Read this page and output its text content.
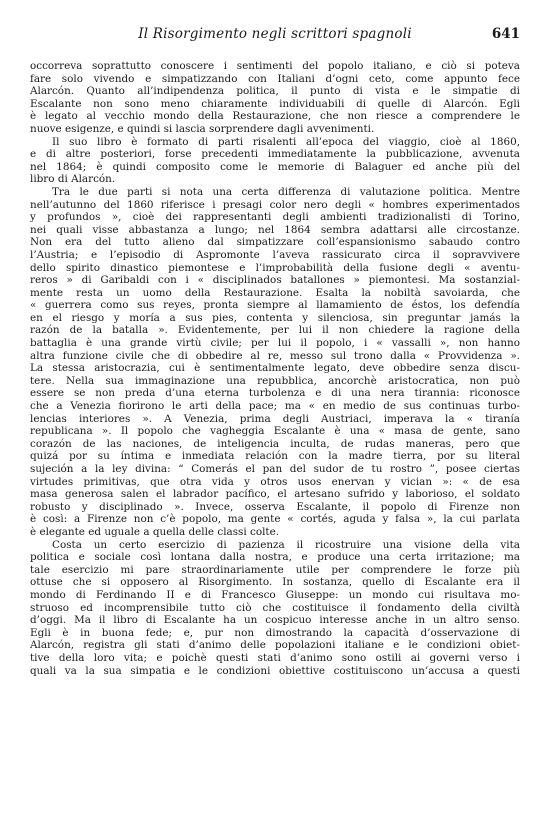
Il Risorgimento negli scrittori spagnoli	641
occorreva soprattutto conoscere i sentimenti del popolo italiano, e ciò si poteva
fare solo vivendo e simpatizzando con Italiani d’ogni ceto, come appunto fece
Alarcón. Quanto all’indipendenza politica, il punto di vista e le simpatie di
Escalante non sono meno chiaramente individuabili di quelle di Alarcón. Egli
è legato al vecchio mondo della Restaurazione, che non riesce a comprendere le
nuove esigenze, e quindi si lascia sorprendere dagli avvenimenti.
Il suo libro è formato di parti risalenti all’epoca del viaggio, cioè al 1860,
e di altre posteriori, forse precedenti immediatamente la pubblicazione, avvenuta
nel 1864; è quindi composito come le memorie di Balaguer ed anche più del
libro di Alarcón.
Tra le due parti si nota una certa differenza di valutazione politica. Mentre
nell’autunno del 1860 riferisce i presagi color nero degli « hombres experimentados
y profundos », cioè dei rappresentanti degli ambienti tradizionalisti di Torino,
nei quali visse abbastanza a lungo; nel 1864 sembra adattarsi alle circostanze.
Non era del tutto alieno dal simpatizzare coll’espansionismo sabaudo contro
l’Austria; e l’episodio di Aspromonte l’aveva rassicurato circa il sopravvivere
dello spirito dinastico piemontese e l’improbabilità della fusione degli « aventu-
reros » di Garibaldi con i « disciplinados batallones » piemontesi. Ma sostanzial-
mente resta un uomo della Restaurazione. Esalta la nobiltà savoiarda, che
« guerrera como sus reyes, pronta siempre al llamamiento de éstos, los defendía
en el riesgo y moría a sus pies, contenta y silenciosa, sin preguntar jamás la
razón de la batalla ». Evidentemente, per lui il non chiedere la ragione della
battaglia è una grande virtù civile; per lui il popolo, i « vassalli », non hanno
altra funzione civile che di obbedire al re, messo sul trono dalla « Provvidenza ».
La stessa aristocrazia, cui è sentimentalmente legato, deve obbedire senza discu-
tere. Nella sua immaginazione una repubblica, ancorchè aristocratica, non può
essere se non preda d’una eterna turbolenza e di una nera tirannia: riconosce
che a Venezia fiorirono le arti della pace; ma « en medio de sus continuas turbo-
lencias interiores ». A Venezia, prima degli Austriaci, imperava la « tiranía
republicana ». Il popolo che vagheggia Escalante è una « masa de gente, sano
corazón de las naciones, de inteligencia inculta, de rudas maneras, pero que
quizá por su íntima e inmediata relación con la madre tierra, por su literal
sujeción a la ley divina: “ Comerás el pan del sudor de tu rostro ”, posee ciertas
virtudes primitivas, que otra vida y otros usos enervan y vician »: « de esa
masa generosa salen el labrador pacífico, el artesano sufrido y laborioso, el soldato
robusto y disciplinado ». Invece, osserva Escalante, il popolo di Firenze non
è così: a Firenze non c’è popolo, ma gente « cortés, aguda y falsa », la cui parlata
è elegante ed uguale a quella delle classi colte.
Costa un certo esercizio di pazienza il ricostruire una visione della vita
politica e sociale così lontana dalla nostra, e produce una certa irritazione; ma
tale esercizio mi pare straordinariamente utile per comprendere le forze più
ottuse che si opposero al Risorgimento. In sostanza, quello di Escalante era il
mondo di Ferdinando II e di Francesco Giuseppe: un mondo cui risultava mo-
struoso ed incomprensibile tutto ciò che costituisce il fondamento della civiltà
d’oggi. Ma il libro di Escalante ha un cospicuo interesse anche in un altro senso.
Egli è in buona fede; e, pur non dimostrando la capacità d’osservazione di
Alarcón, registra gli stati d’animo delle popolazioni italiane e le condizioni obiet-
tive della loro vita; e poichè questi stati d’animo sono ostili ai governi verso i
quali va la sua simpatia e le condizioni obiettive costituiscono un’accusa a questi
